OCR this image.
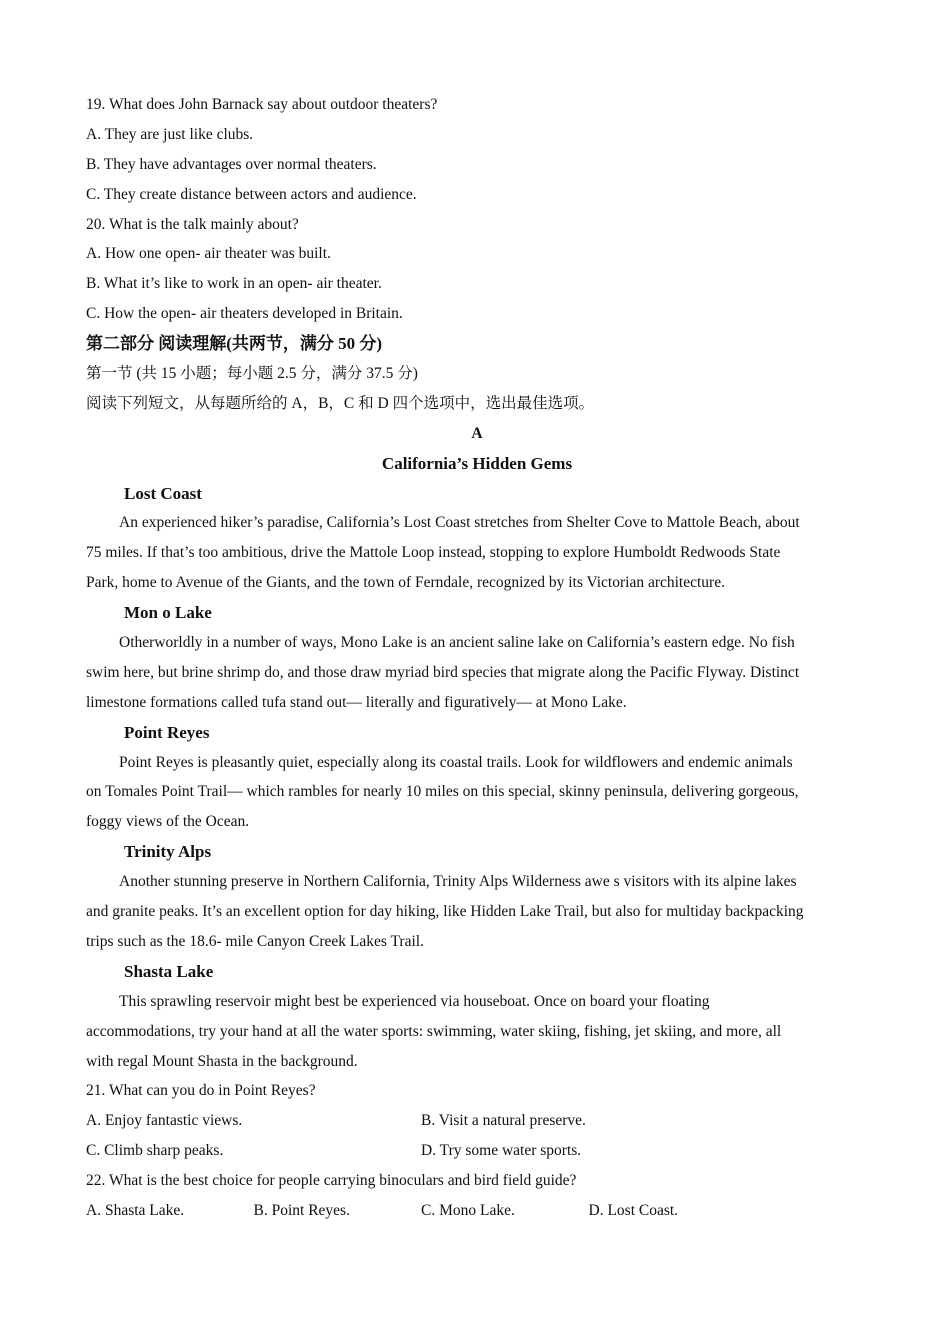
19. What does John Barnack say about outdoor theaters?
A. They are just like clubs.
B. They have advantages over normal theaters.
C. They create distance between actors and audience.
20. What is the talk mainly about?
A. How one open- air theater was built.
B. What it’s like to work in an open- air theater.
C. How the open- air theaters developed in Britain.
第二部分 阅读理解(共两节，满分 50 分)
第一节 (共 15 小题；每小题 2.5 分，满分 37.5 分)
阅读下列短文，从每题所给的 A，B，C 和 D 四个选项中，选出最佳选项。
A
California’s Hidden Gems
Lost Coast
An experienced hiker’s paradise, California’s Lost Coast stretches from Shelter Cove to Mattole Beach, about
75 miles. If that’s too ambitious, drive the Mattole Loop instead, stopping to explore Humboldt Redwoods State
Park, home to Avenue of the Giants, and the town of Ferndale, recognized by its Victorian architecture.
Mon o Lake
Otherworldly in a number of ways, Mono Lake is an ancient saline lake on California’s eastern edge. No fish
swim here, but brine shrimp do, and those draw myriad bird species that migrate along the Pacific Flyway. Distinct
limestone formations called tufa stand out— literally and figuratively— at Mono Lake.
Point Reyes
Point Reyes is pleasantly quiet, especially along its coastal trails. Look for wildflowers and endemic animals
on Tomales Point Trail— which rambles for nearly 10 miles on this special, skinny peninsula, delivering gorgeous,
foggy views of the Ocean.
Trinity Alps
Another stunning preserve in Northern California, Trinity Alps Wilderness awe s visitors with its alpine lakes
and granite peaks. It’s an excellent option for day hiking, like Hidden Lake Trail, but also for multiday backpacking
trips such as the 18.6- mile Canyon Creek Lakes Trail.
Shasta Lake
This sprawling reservoir might best be experienced via houseboat. Once on board your floating
accommodations, try your hand at all the water sports: swimming, water skiing, fishing, jet skiing, and more, all
with regal Mount Shasta in the background.
21. What can you do in Point Reyes?
A. Enjoy fantastic views.	B. Visit a natural preserve.
C. Climb sharp peaks.	D. Try some water sports.
22. What is the best choice for people carrying binoculars and bird field guide?
A. Shasta Lake.	B. Point Reyes.	C. Mono Lake.	D. Lost Coast.
